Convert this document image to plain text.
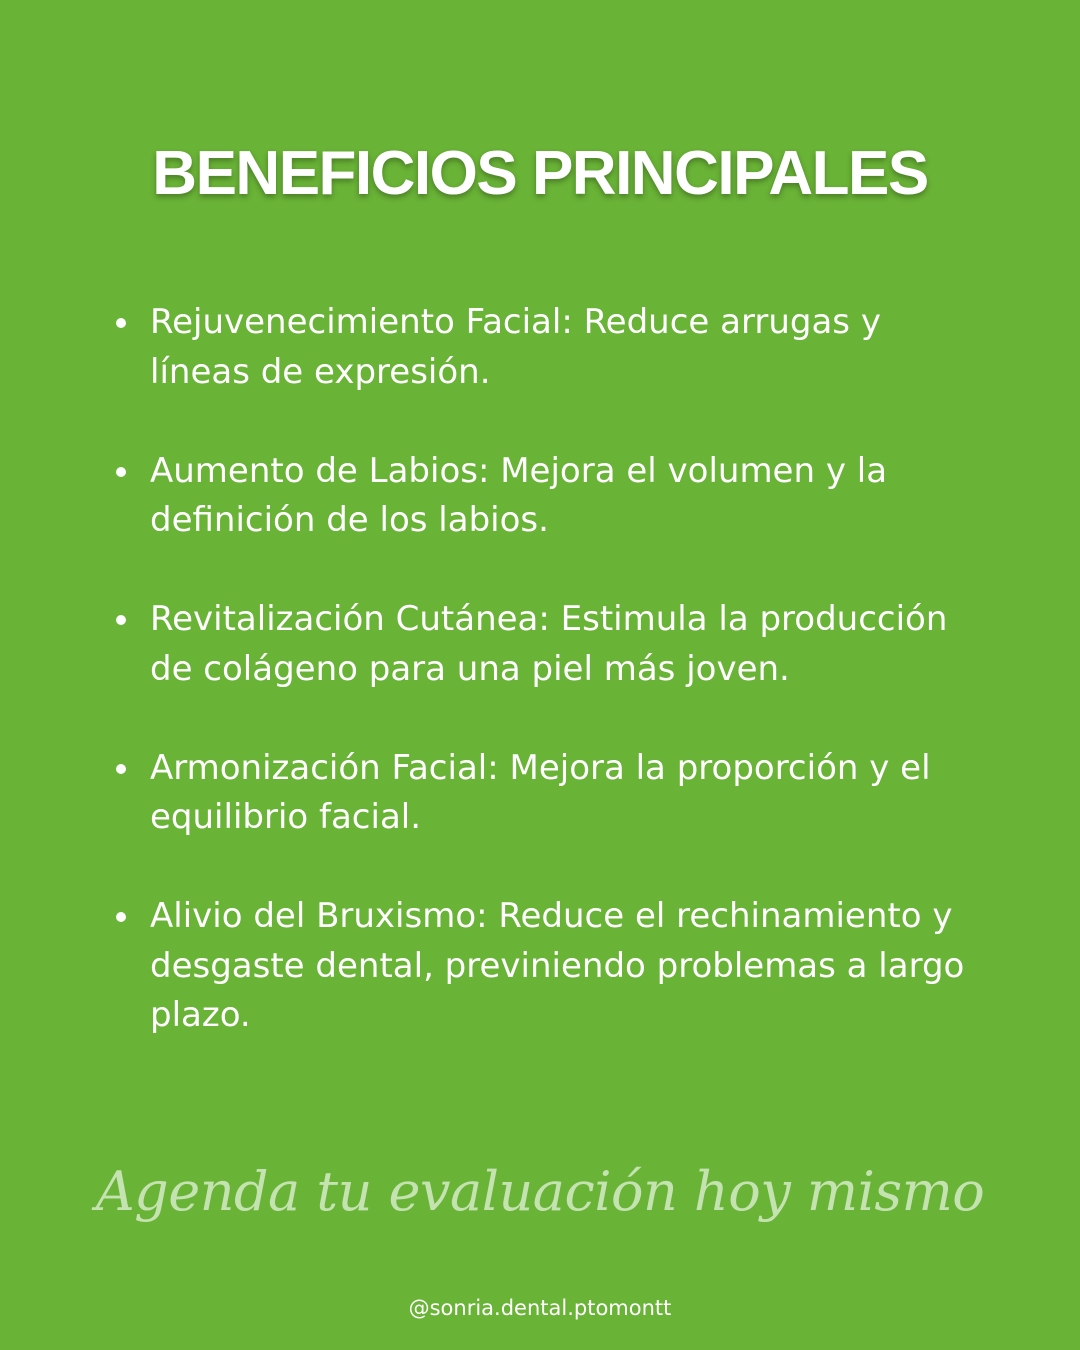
BENEFICIOS PRINCIPALES
Rejuvenecimiento Facial: Reduce arrugas y líneas de expresión.
Aumento de Labios: Mejora el volumen y la definición de los labios.
Revitalización Cutánea: Estimula la producción de colágeno para una piel más joven.
Armonización Facial: Mejora la proporción y el equilibrio facial.
Alivio del Bruxismo: Reduce el rechinamiento y desgaste dental, previniendo problemas a largo plazo.
Agenda tu evaluación hoy mismo
@sonria.dental.ptomontt
